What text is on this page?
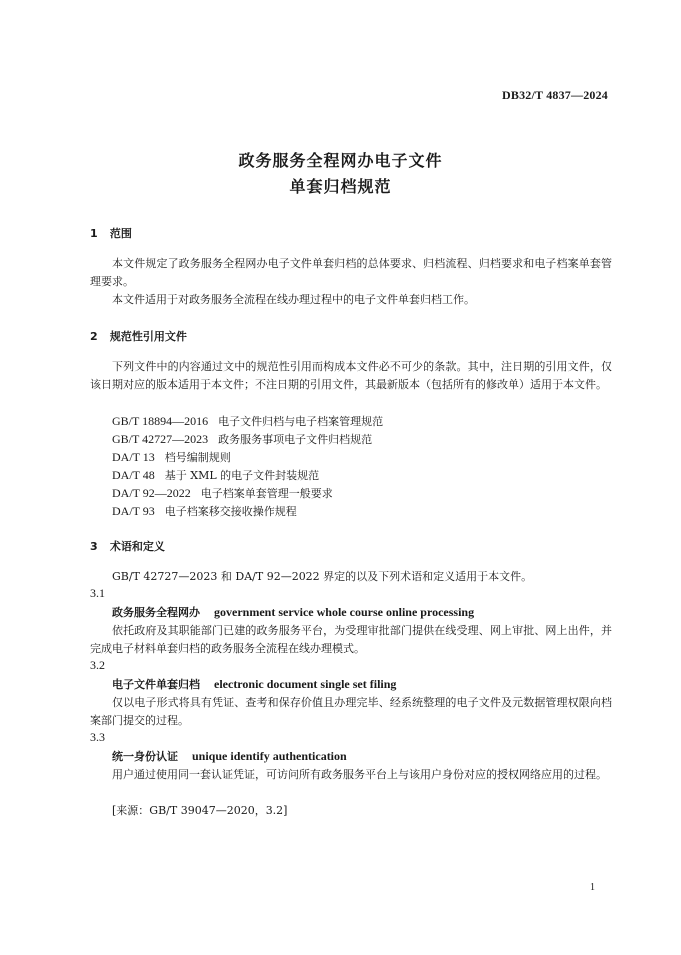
DB32/T 4837—2024
政务服务全程网办电子文件
单套归档规范
1 范围
本文件规定了政务服务全程网办电子文件单套归档的总体要求、归档流程、归档要求和电子档案单套管理要求。
本文件适用于对政务服务全流程在线办理过程中的电子文件单套归档工作。
2 规范性引用文件
下列文件中的内容通过文中的规范性引用而构成本文件必不可少的条款。其中，注日期的引用文件，仅该日期对应的版本适用于本文件；不注日期的引用文件，其最新版本（包括所有的修改单）适用于本文件。
GB/T 18894—2016 电子文件归档与电子档案管理规范
GB/T 42727—2023 政务服务事项电子文件归档规范
DA/T 13 档号编制规则
DA/T 48 基于 XML 的电子文件封装规范
DA/T 92—2022 电子档案单套管理一般要求
DA/T 93 电子档案移交接收操作规程
3 术语和定义
GB/T 42727—2023 和 DA/T 92—2022 界定的以及下列术语和定义适用于本文件。
3.1
政务服务全程网办 government service whole course online processing
依托政府及其职能部门已建的政务服务平台，为受理审批部门提供在线受理、网上审批、网上出件，并完成电子材料单套归档的政务服务全流程在线办理模式。
3.2
电子文件单套归档 electronic document single set filing
仅以电子形式将具有凭证、查考和保存价值且办理完毕、经系统整理的电子文件及元数据管理权限向档案部门提交的过程。
3.3
统一身份认证 unique identify authentication
用户通过使用同一套认证凭证，可访问所有政务服务平台上与该用户身份对应的授权网络应用的过程。
[来源：GB/T 39047—2020，3.2]
1
